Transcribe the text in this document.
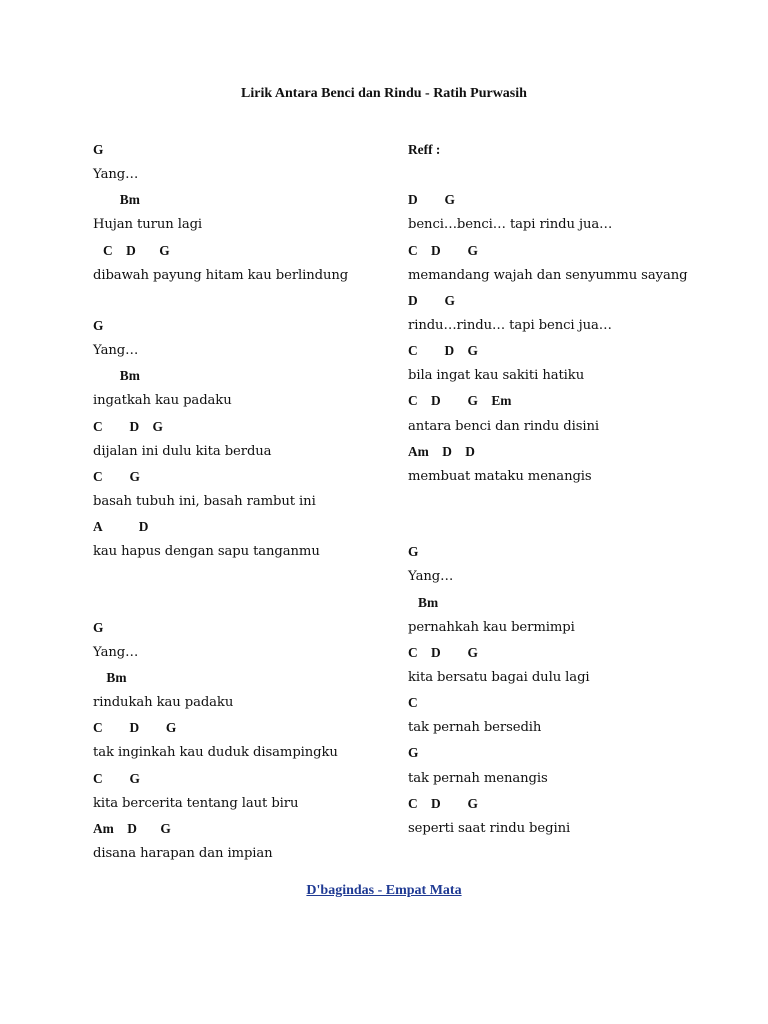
Lirik Antara Benci dan Rindu - Ratih Purwasih
G
Yang…
Bm
Hujan turun lagi
C    D       G
dibawah payung hitam kau berlindung
G
Yang…
Bm
ingatkah kau padaku
C        D    G
dijalan ini dulu kita berdua
C        G
basah tubuh ini, basah rambut ini
A           D
kau hapus dengan sapu tanganmu
G
Yang…
Bm
rindukah kau padaku
C        D        G
tak inginkah kau duduk disampingku
C        G
kita bercerita tentang laut biru
Am    D       G
disana harapan dan impian
Reff :
D        G
benci…benci… tapi rindu jua…
C    D        G
memandang wajah dan senyummu sayang
D        G
rindu…rindu… tapi benci jua…
C        D    G
bila ingat kau sakiti hatiku
C    D        G    Em
antara benci dan rindu disini
Am    D    D
membuat mataku menangis
G
Yang…
Bm
pernahkah kau bermimpi
C    D        G
kita bersatu bagai dulu lagi
C
tak pernah bersedih
G
tak pernah menangis
C    D        G
seperti saat rindu begini
D'bagindas - Empat Mata
